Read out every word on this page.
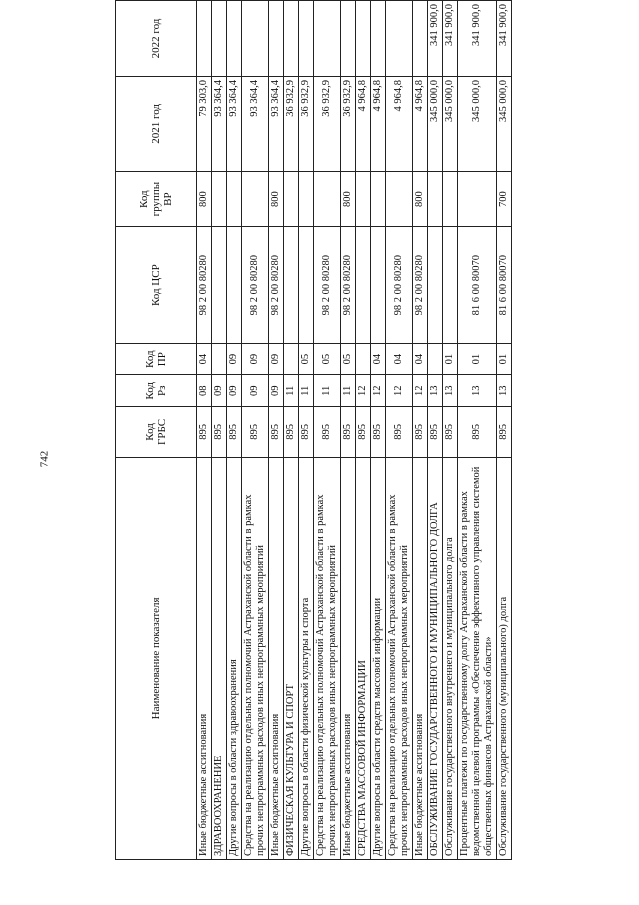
742
Наименование показателя	Код ГРБС	Код Рз	Код ПР	Код ЦСР	Код группы ВР	2021 год	2022 год
Иные бюджетные ассигнования	895	08	04	98 2 00 80280	800	79 303,0	
ЗДРАВООХРАНЕНИЕ	895	09				93 364,4	
Другие вопросы в области здравоохранения	895	09	09			93 364,4	
Средства на реализацию отдельных полномочий Астраханской области в рамках прочих непрограммных расходов иных непрограммных мероприятий	895	09	09	98 2 00 80280		93 364,4	
Иные бюджетные ассигнования	895	09	09	98 2 00 80280	800	93 364,4	
ФИЗИЧЕСКАЯ КУЛЬТУРА И СПОРТ	895	11				36 932,9	
Другие вопросы в области физической культуры и спорта	895	11	05			36 932,9	
Средства на реализацию отдельных полномочий Астраханской области в рамках прочих непрограммных расходов иных непрограммных мероприятий	895	11	05	98 2 00 80280		36 932,9	
Иные бюджетные ассигнования	895	11	05	98 2 00 80280	800	36 932,9	
СРЕДСТВА МАССОВОЙ ИНФОРМАЦИИ	895	12				4 964,8	
Другие вопросы в области средств массовой информации	895	12	04			4 964,8	
Средства на реализацию отдельных полномочий Астраханской области в рамках прочих непрограммных расходов иных непрограммных мероприятий	895	12	04	98 2 00 80280		4 964,8	
Иные бюджетные ассигнования	895	12	04	98 2 00 80280	800	4 964,8	
ОБСЛУЖИВАНИЕ ГОСУДАРСТВЕННОГО И МУНИЦИПАЛЬНОГО ДОЛГА	895	13				345 000,0	341 900,0
Обслуживание государственного внутреннего и муниципального долга	895	13	01			345 000,0	341 900,0
Процентные платежи по государственному долгу Астраханской области в рамках ведомственной целевой программы «Обеспечение эффективного управления системой общественных финансов Астраханской области»	895	13	01	81 6 00 80070		345 000,0	341 900,0
Обслуживание государственного (муниципального) долга	895	13	01	81 6 00 80070	700	345 000,0	341 900,0
